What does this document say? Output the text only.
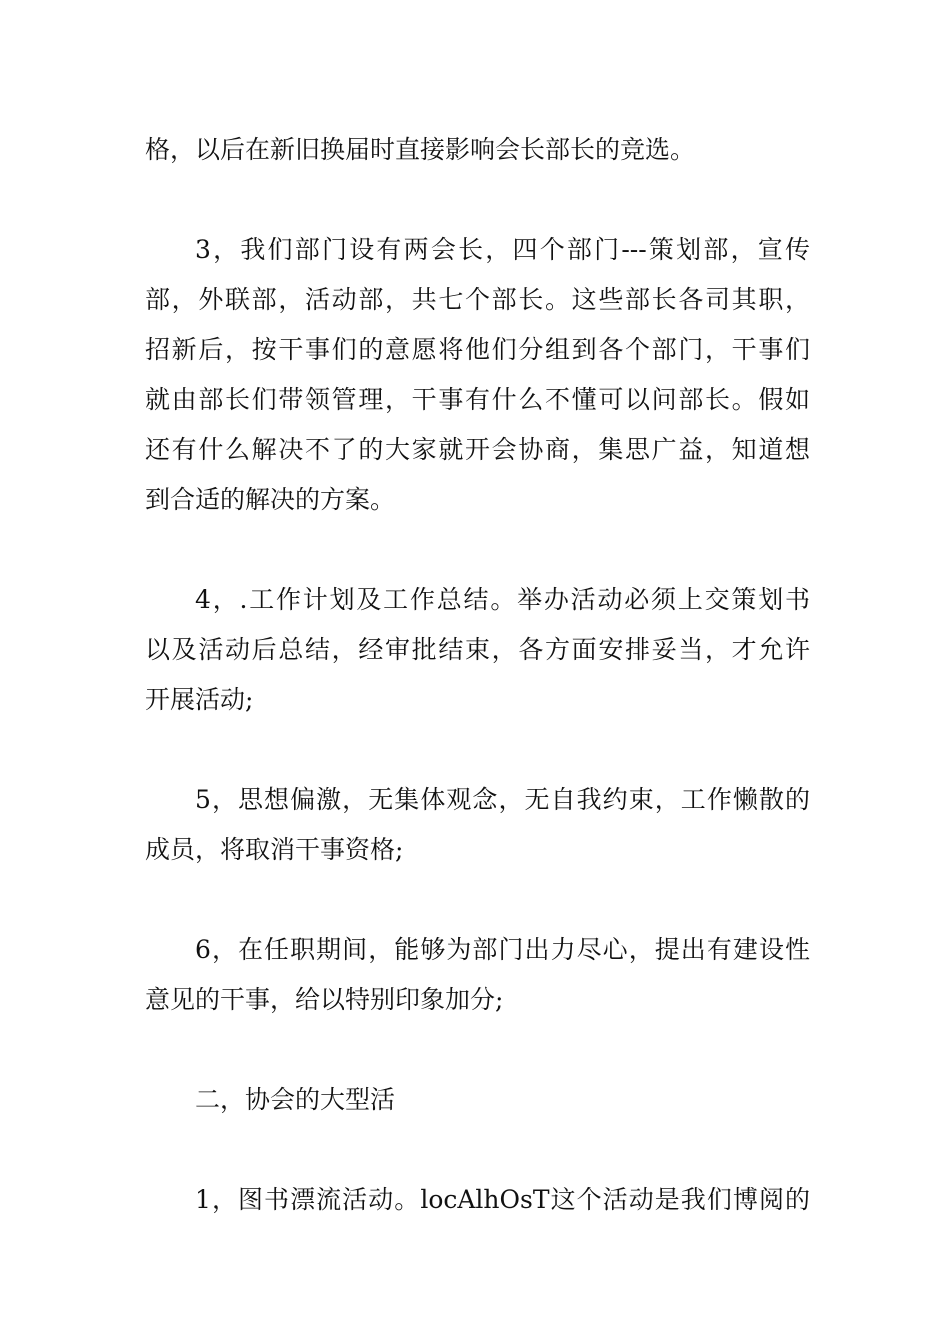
格，以后在新旧换届时直接影响会长部长的竞选。
3，我们部门设有两会长，四个部门---策划部，宣传
部，外联部，活动部，共七个部长。这些部长各司其职，
招新后，按干事们的意愿将他们分组到各个部门，干事们
就由部长们带领管理，干事有什么不懂可以问部长。假如
还有什么解决不了的大家就开会协商，集思广益，知道想
到合适的解决的方案。
4，.工作计划及工作总结。举办活动必须上交策划书
以及活动后总结，经审批结束，各方面安排妥当，才允许
开展活动;
5，思想偏激，无集体观念，无自我约束，工作懒散的
成员，将取消干事资格;
6，在任职期间，能够为部门出力尽心，提出有建设性
意见的干事，给以特别印象加分;
二，协会的大型活
1，图书漂流活动。locAlhOsT这个活动是我们博阅的
